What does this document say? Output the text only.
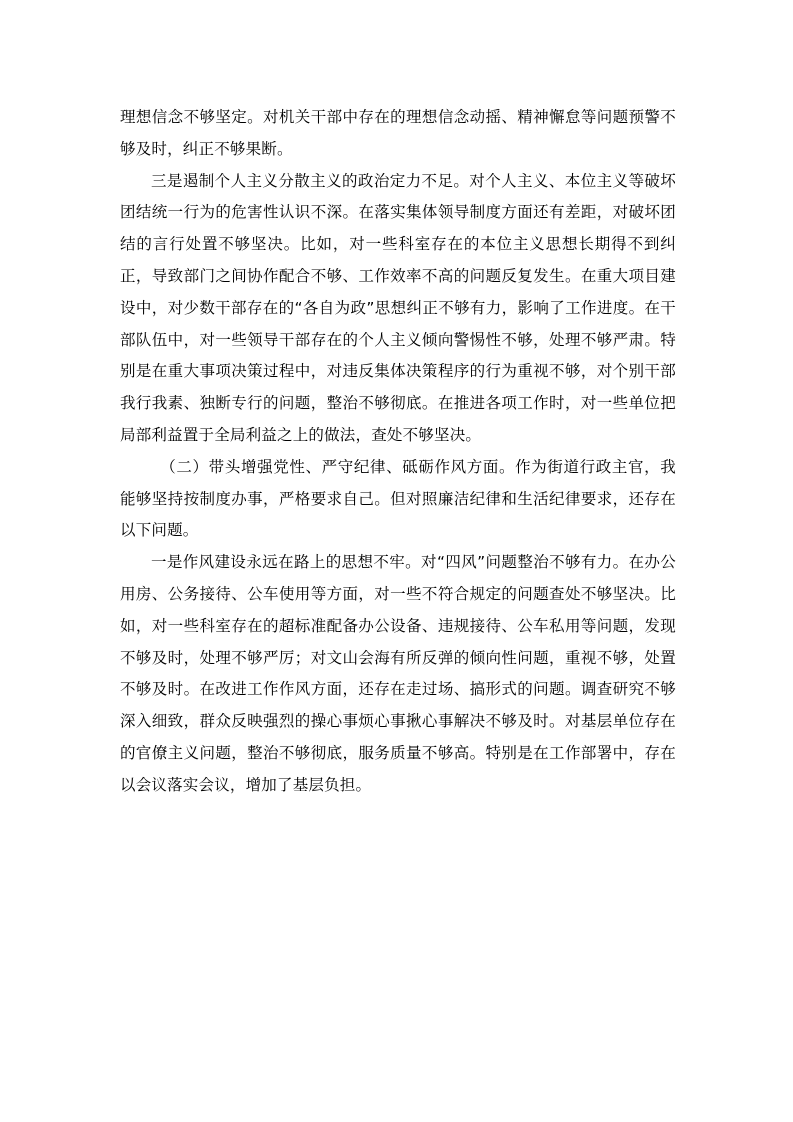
理想信念不够坚定。对机关干部中存在的理想信念动摇、精神懈怠等问题预警不够及时，纠正不够果断。

三是遏制个人主义分散主义的政治定力不足。对个人主义、本位主义等破坏团结统一行为的危害性认识不深。在落实集体领导制度方面还有差距，对破坏团结的言行处置不够坚决。比如，对一些科室存在的本位主义思想长期得不到纠正，导致部门之间协作配合不够、工作效率不高的问题反复发生。在重大项目建设中，对少数干部存在的“各自为政”思想纠正不够有力，影响了工作进度。在干部队伍中，对一些领导干部存在的个人主义倾向警惕性不够，处理不够严肃。特别是在重大事项决策过程中，对违反集体决策程序的行为重视不够，对个别干部我行我素、独断专行的问题，整治不够彻底。在推进各项工作时，对一些单位把局部利益置于全局利益之上的做法，查处不够坚决。

（二）带头增强党性、严守纪律、砥砺作风方面。作为街道行政主官，我能够坚持按制度办事，严格要求自己。但对照廉洁纪律和生活纪律要求，还存在以下问题。

一是作风建设永远在路上的思想不牢。对“四风”问题整治不够有力。在办公用房、公务接待、公车使用等方面，对一些不符合规定的问题查处不够坚决。比如，对一些科室存在的超标准配备办公设备、违规接待、公车私用等问题，发现不够及时，处理不够严厉；对文山会海有所反弹的倾向性问题，重视不够，处置不够及时。在改进工作作风方面，还存在走过场、搞形式的问题。调查研究不够深入细致，群众反映强烈的操心事烦心事揪心事解决不够及时。对基层单位存在的官僚主义问题，整治不够彻底，服务质量不够高。特别是在工作部署中，存在以会议落实会议，增加了基层负担。
